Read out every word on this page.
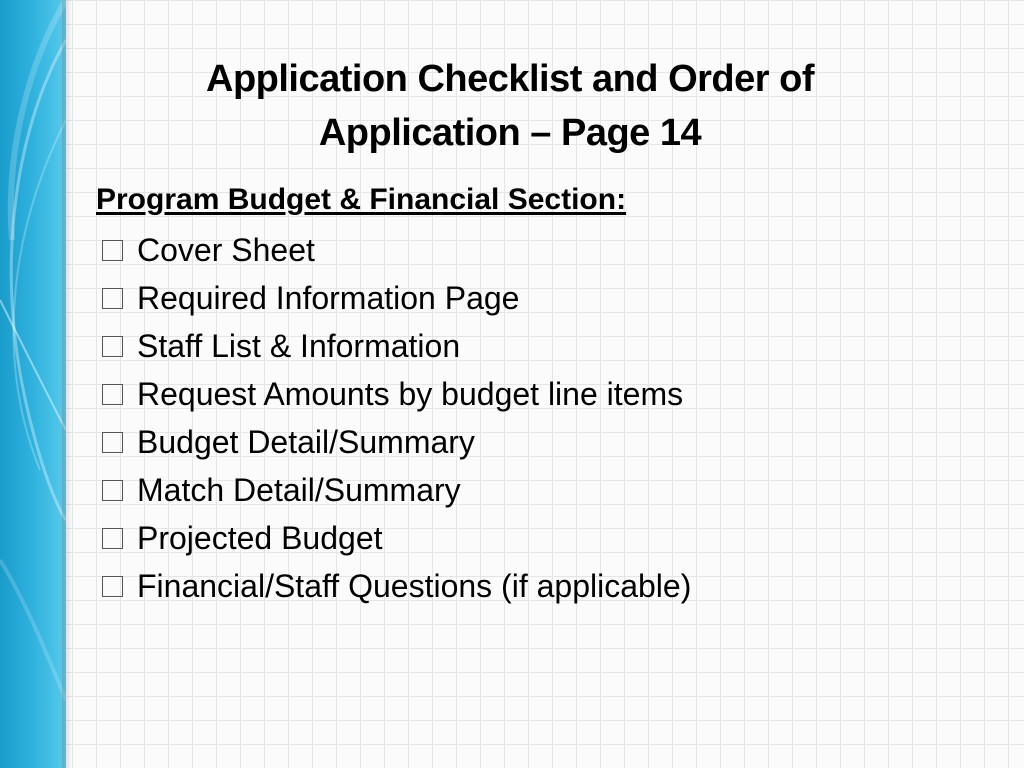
Application Checklist and Order of
Application – Page 14
Program Budget & Financial Section:
Cover Sheet
Required Information Page
Staff List & Information
Request Amounts by budget line items
Budget Detail/Summary
Match Detail/Summary
Projected Budget
Financial/Staff Questions (if applicable)
